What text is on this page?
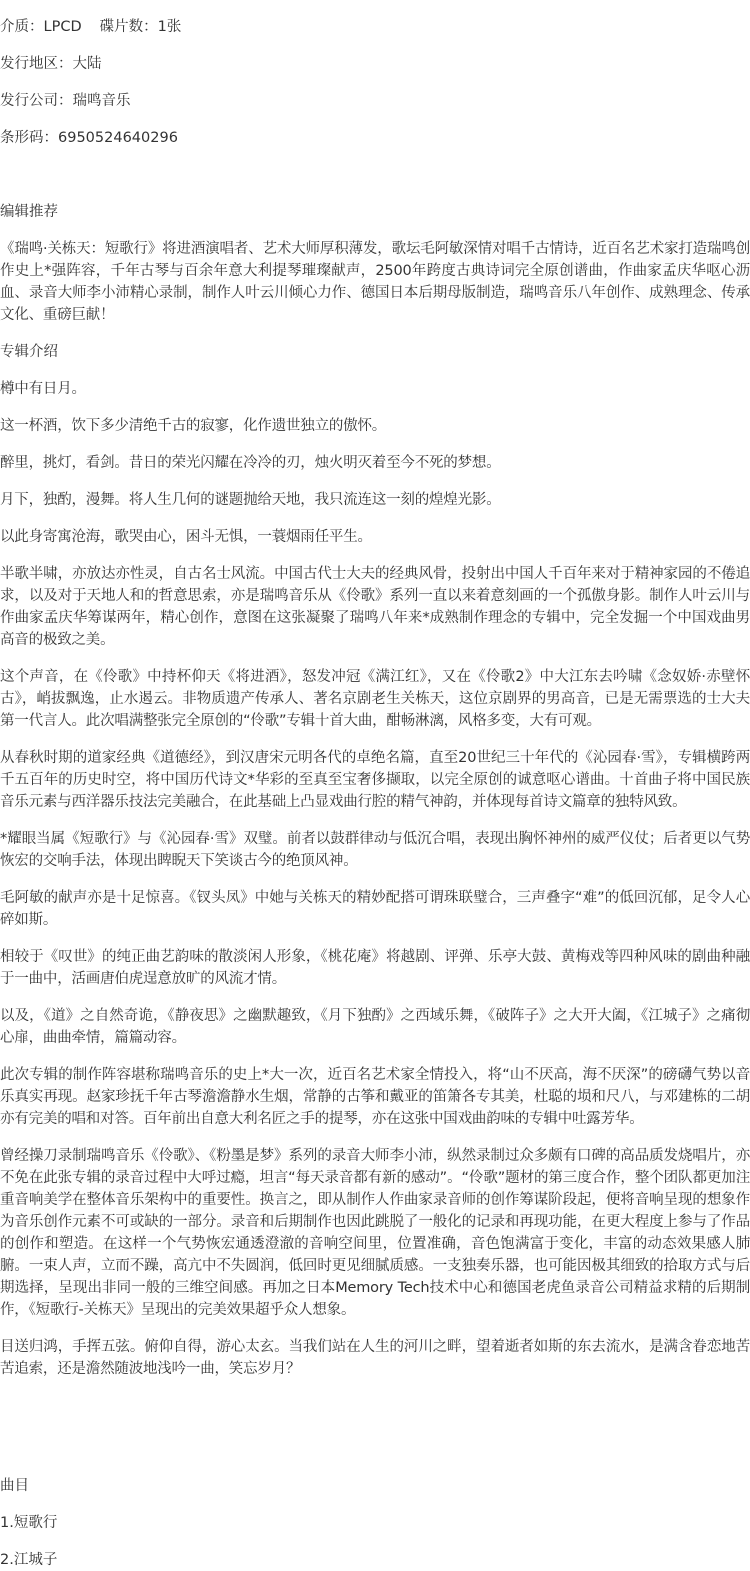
介质：LPCD 碟片数：1张
发行地区：大陆
发行公司：瑞鸣音乐
条形码：6950524640296
编辑推荐

《瑞鸣·关栋天：短歌行》将进酒演唱者、艺术大师厚积薄发，歌坛毛阿敏深情对唱千古情诗，近百名艺术家打造瑞鸣创作史上*强阵容，千年古琴与百余年意大利提琴璀璨献声，2500年跨度古典诗词完全原创谱曲，作曲家孟庆华呕心沥血、录音大师李小沛精心录制，制作人叶云川倾心力作、德国日本后期母版制造，瑞鸣音乐八年创作、成熟理念、传承文化、重磅巨献！

专辑介绍

樽中有日月。

这一杯酒，饮下多少清绝千古的寂寥，化作遗世独立的傲怀。

醉里，挑灯，看剑。昔日的荣光闪耀在冷冷的刃，烛火明灭着至今不死的梦想。

月下，独酌，漫舞。将人生几何的谜题抛给天地，我只流连这一刻的煌煌光影。

以此身寄寓沧海，歌哭由心，困斗无惧，一蓑烟雨任平生。

半歌半啸，亦放达亦性灵，自古名士风流。中国古代士大夫的经典风骨，投射出中国人千百年来对于精神家园的不倦追求，以及对于天地人和的哲意思索，亦是瑞鸣音乐从《伶歌》系列一直以来着意刻画的一个孤傲身影。制作人叶云川与作曲家孟庆华筹谋两年，精心创作，意图在这张凝聚了瑞鸣八年来*成熟制作理念的专辑中，完全发掘一个中国戏曲男高音的极致之美。

这个声音，在《伶歌》中持杯仰天《将进酒》，怒发冲冠《满江红》，又在《伶歌2》中大江东去吟啸《念奴娇·赤壁怀古》，峭拔飘逸，止水遏云。非物质遗产传承人、著名京剧老生关栋天，这位京剧界的男高音，已是无需票选的士大夫第一代言人。此次唱满整张完全原创的“伶歌”专辑十首大曲，酣畅淋漓，风格多变，大有可观。

从春秋时期的道家经典《道德经》，到汉唐宋元明各代的卓绝名篇，直至20世纪三十年代的《沁园春·雪》，专辑横跨两千五百年的历史时空，将中国历代诗文*华彩的至真至宝奢侈撷取，以完全原创的诚意呕心谱曲。十首曲子将中国民族音乐元素与西洋器乐技法完美融合，在此基础上凸显戏曲行腔的精气神韵，并体现每首诗文篇章的独特风致。

*耀眼当属《短歌行》与《沁园春·雪》双璧。前者以鼓群律动与低沉合唱，表现出胸怀神州的威严仪仗；后者更以气势恢宏的交响手法，体现出睥睨天下笑谈古今的绝顶风神。

毛阿敏的献声亦是十足惊喜。《钗头凤》中她与关栋天的精妙配搭可谓珠联璧合，三声叠字“难”的低回沉郁，足令人心碎如斯。

相较于《叹世》的纯正曲艺韵味的散淡闲人形象，《桃花庵》将越剧、评弹、乐亭大鼓、黄梅戏等四种风味的剧曲种融于一曲中，活画唐伯虎逞意放旷的风流才情。

以及，《道》之自然奇诡，《静夜思》之幽默趣致，《月下独酌》之西域乐舞，《破阵子》之大开大阖，《江城子》之痛彻心扉，曲曲牵情，篇篇动容。

此次专辑的制作阵容堪称瑞鸣音乐的史上*大一次，近百名艺术家全情投入，将“山不厌高，海不厌深”的磅礴气势以音乐真实再现。赵家珍抚千年古琴澹澹静水生烟，常静的古筝和戴亚的笛箫各专其美，杜聪的埙和尺八，与邓建栋的二胡亦有完美的唱和对答。百年前出自意大利名匠之手的提琴，亦在这张中国戏曲韵味的专辑中吐露芳华。

曾经操刀录制瑞鸣音乐《伶歌》、《粉墨是梦》系列的录音大师李小沛，纵然录制过众多颇有口碑的高品质发烧唱片，亦不免在此张专辑的录音过程中大呼过瘾，坦言“每天录音都有新的感动”。“伶歌”题材的第三度合作，整个团队都更加注重音响美学在整体音乐架构中的重要性。换言之，即从制作人作曲家录音师的创作筹谋阶段起，便将音响呈现的想象作为音乐创作元素不可或缺的一部分。录音和后期制作也因此跳脱了一般化的记录和再现功能，在更大程度上参与了作品的创作和塑造。在这样一个气势恢宏通透澄澈的音响空间里，位置准确，音色饱满富于变化，丰富的动态效果感人肺腑。一束人声，立而不躁，高亢中不失圆润，低回时更见细腻质感。一支独奏乐器，也可能因极其细致的拾取方式与后期选择，呈现出非同一般的三维空间感。再加之日本Memory Tech技术中心和德国老虎鱼录音公司精益求精的后期制作，《短歌行-关栋天》呈现出的完美效果超乎众人想象。

目送归鸿，手挥五弦。俯仰自得，游心太玄。当我们站在人生的河川之畔，望着逝者如斯的东去流水，是满含眷恋地苦苦追索，还是澹然随波地浅吟一曲，笑忘岁月？

曲目
1.短歌行
2.江城子
